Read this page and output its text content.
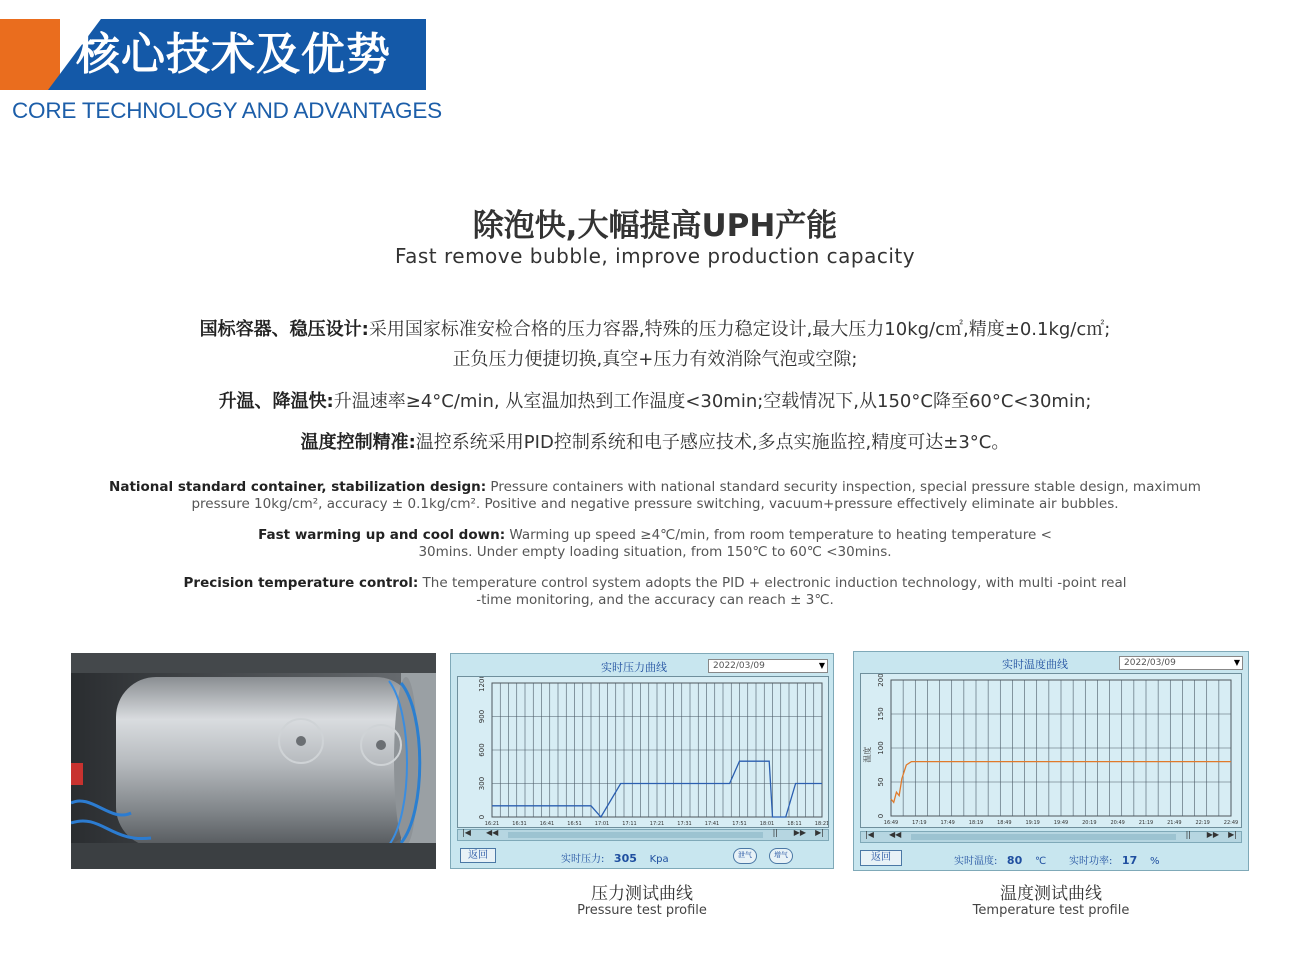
核心技术及优势
CORE TECHNOLOGY AND ADVANTAGES
除泡快,大幅提高UPH产能
Fast remove bubble, improve production capacity
国标容器、稳压设计:采用国家标准安检合格的压力容器,特殊的压力稳定设计,最大压力10kg/c㎡,精度±0.1kg/c㎡;
正负压力便捷切换,真空+压力有效消除气泡或空隙;
升温、降温快:升温速率≥4°C/min, 从室温加热到工作温度<30min;空载情况下,从150°C降至60°C<30min;
温度控制精准:温控系统采用PID控制系统和电子感应技术,多点实施监控,精度可达±3°C。
National standard container, stabilization design: Pressure containers with national standard security inspection, special pressure stable design, maximum
pressure 10kg/cm², accuracy ± 0.1kg/cm². Positive and negative pressure switching, vacuum+pressure effectively eliminate air bubbles.
Fast warming up and cool down: Warming up speed ≥4℃/min, from room temperature to heating temperature <
30mins. Under empty loading situation, from 150℃ to 60℃ <30mins.
Precision temperature control: The temperature control system adopts the PID + electronic induction technology, with multi -point real
-time monitoring, and the accuracy can reach ± 3℃.
实时压力曲线	2022/03/09	▼
0
300
600
900
1200
16:21	16:31	16:41	16:51	17:01	17:11	17:21	17:31	17:41	17:51	18:01	18:11	18:21
|◀ ◀◀	|| ▶▶ ▶|
返回	实时压力: 305 Kpa	泄气	增气
压力测试曲线
Pressure test profile
实时温度曲线	2022/03/09	▼
0
50
100
150
200
16:49	17:19	17:49	18:19	18:49	19:19	19:49	20:19	20:49	21:19	21:49	22:19	22:49
温度
|◀ ◀◀	|| ▶▶ ▶|
返回	实时温度: 80 ℃ 实时功率: 17 %
温度测试曲线
Temperature test profile
